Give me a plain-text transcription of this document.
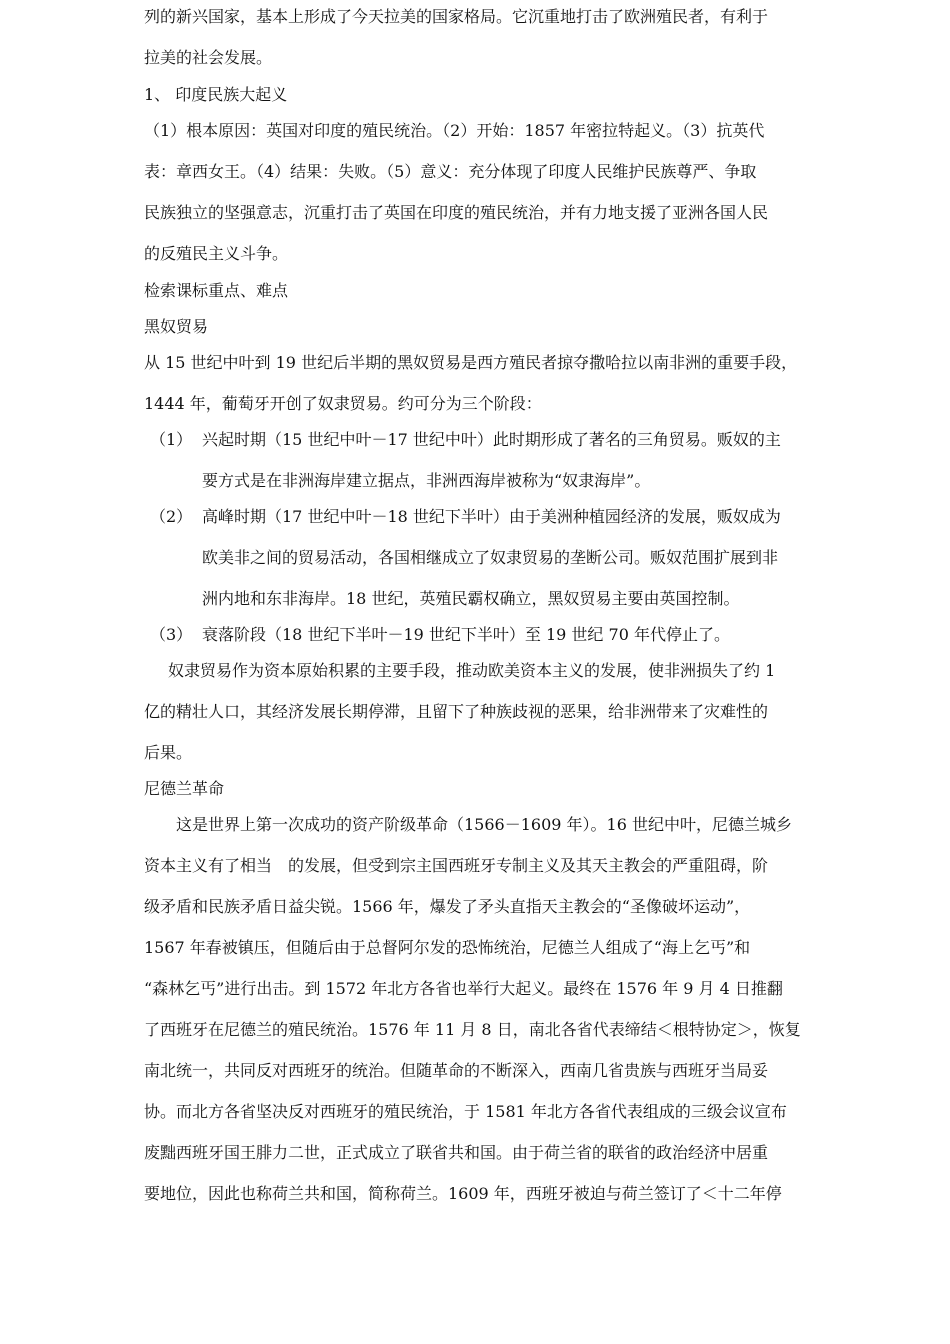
列的新兴国家，基本上形成了今天拉美的国家格局。它沉重地打击了欧洲殖民者，有利于
拉美的社会发展。
1、 印度民族大起义
（1）根本原因：英国对印度的殖民统治。（2）开始：1857 年密拉特起义。（3）抗英代
表：章西女王。（4）结果：失败。（5）意义：充分体现了印度人民维护民族尊严、争取
民族独立的坚强意志，沉重打击了英国在印度的殖民统治，并有力地支援了亚洲各国人民
的反殖民主义斗争。
检索课标重点、难点
黑奴贸易
从 15 世纪中叶到 19 世纪后半期的黑奴贸易是西方殖民者掠夺撒哈拉以南非洲的重要手段，
1444 年，葡萄牙开创了奴隶贸易。约可分为三个阶段：
（1） 兴起时期（15 世纪中叶－17 世纪中叶）此时期形成了著名的三角贸易。贩奴的主
要方式是在非洲海岸建立据点，非洲西海岸被称为“奴隶海岸”。
（2） 高峰时期（17 世纪中叶－18 世纪下半叶）由于美洲种植园经济的发展，贩奴成为
欧美非之间的贸易活动，各国相继成立了奴隶贸易的垄断公司。贩奴范围扩展到非
洲内地和东非海岸。18 世纪，英殖民霸权确立，黑奴贸易主要由英国控制。
（3） 衰落阶段（18 世纪下半叶－19 世纪下半叶）至 19 世纪 70 年代停止了。
奴隶贸易作为资本原始积累的主要手段，推动欧美资本主义的发展，使非洲损失了约 1
亿的精壮人口，其经济发展长期停滞，且留下了种族歧视的恶果，给非洲带来了灾难性的
后果。
尼德兰革命
这是世界上第一次成功的资产阶级革命（1566－1609 年）。16 世纪中叶，尼德兰城乡
资本主义有了相当　的发展，但受到宗主国西班牙专制主义及其天主教会的严重阻碍，阶
级矛盾和民族矛盾日益尖锐。1566 年，爆发了矛头直指天主教会的“圣像破坏运动”，
1567 年春被镇压，但随后由于总督阿尔发的恐怖统治，尼德兰人组成了“海上乞丐”和
“森林乞丐”进行出击。到 1572 年北方各省也举行大起义。最终在 1576 年 9 月 4 日推翻
了西班牙在尼德兰的殖民统治。1576 年 11 月 8 日，南北各省代表缔结＜根特协定＞，恢复
南北统一，共同反对西班牙的统治。但随革命的不断深入，西南几省贵族与西班牙当局妥
协。而北方各省坚决反对西班牙的殖民统治，于 1581 年北方各省代表组成的三级会议宣布
废黜西班牙国王腓力二世，正式成立了联省共和国。由于荷兰省的联省的政治经济中居重
要地位，因此也称荷兰共和国，简称荷兰。1609 年，西班牙被迫与荷兰签订了＜十二年停
